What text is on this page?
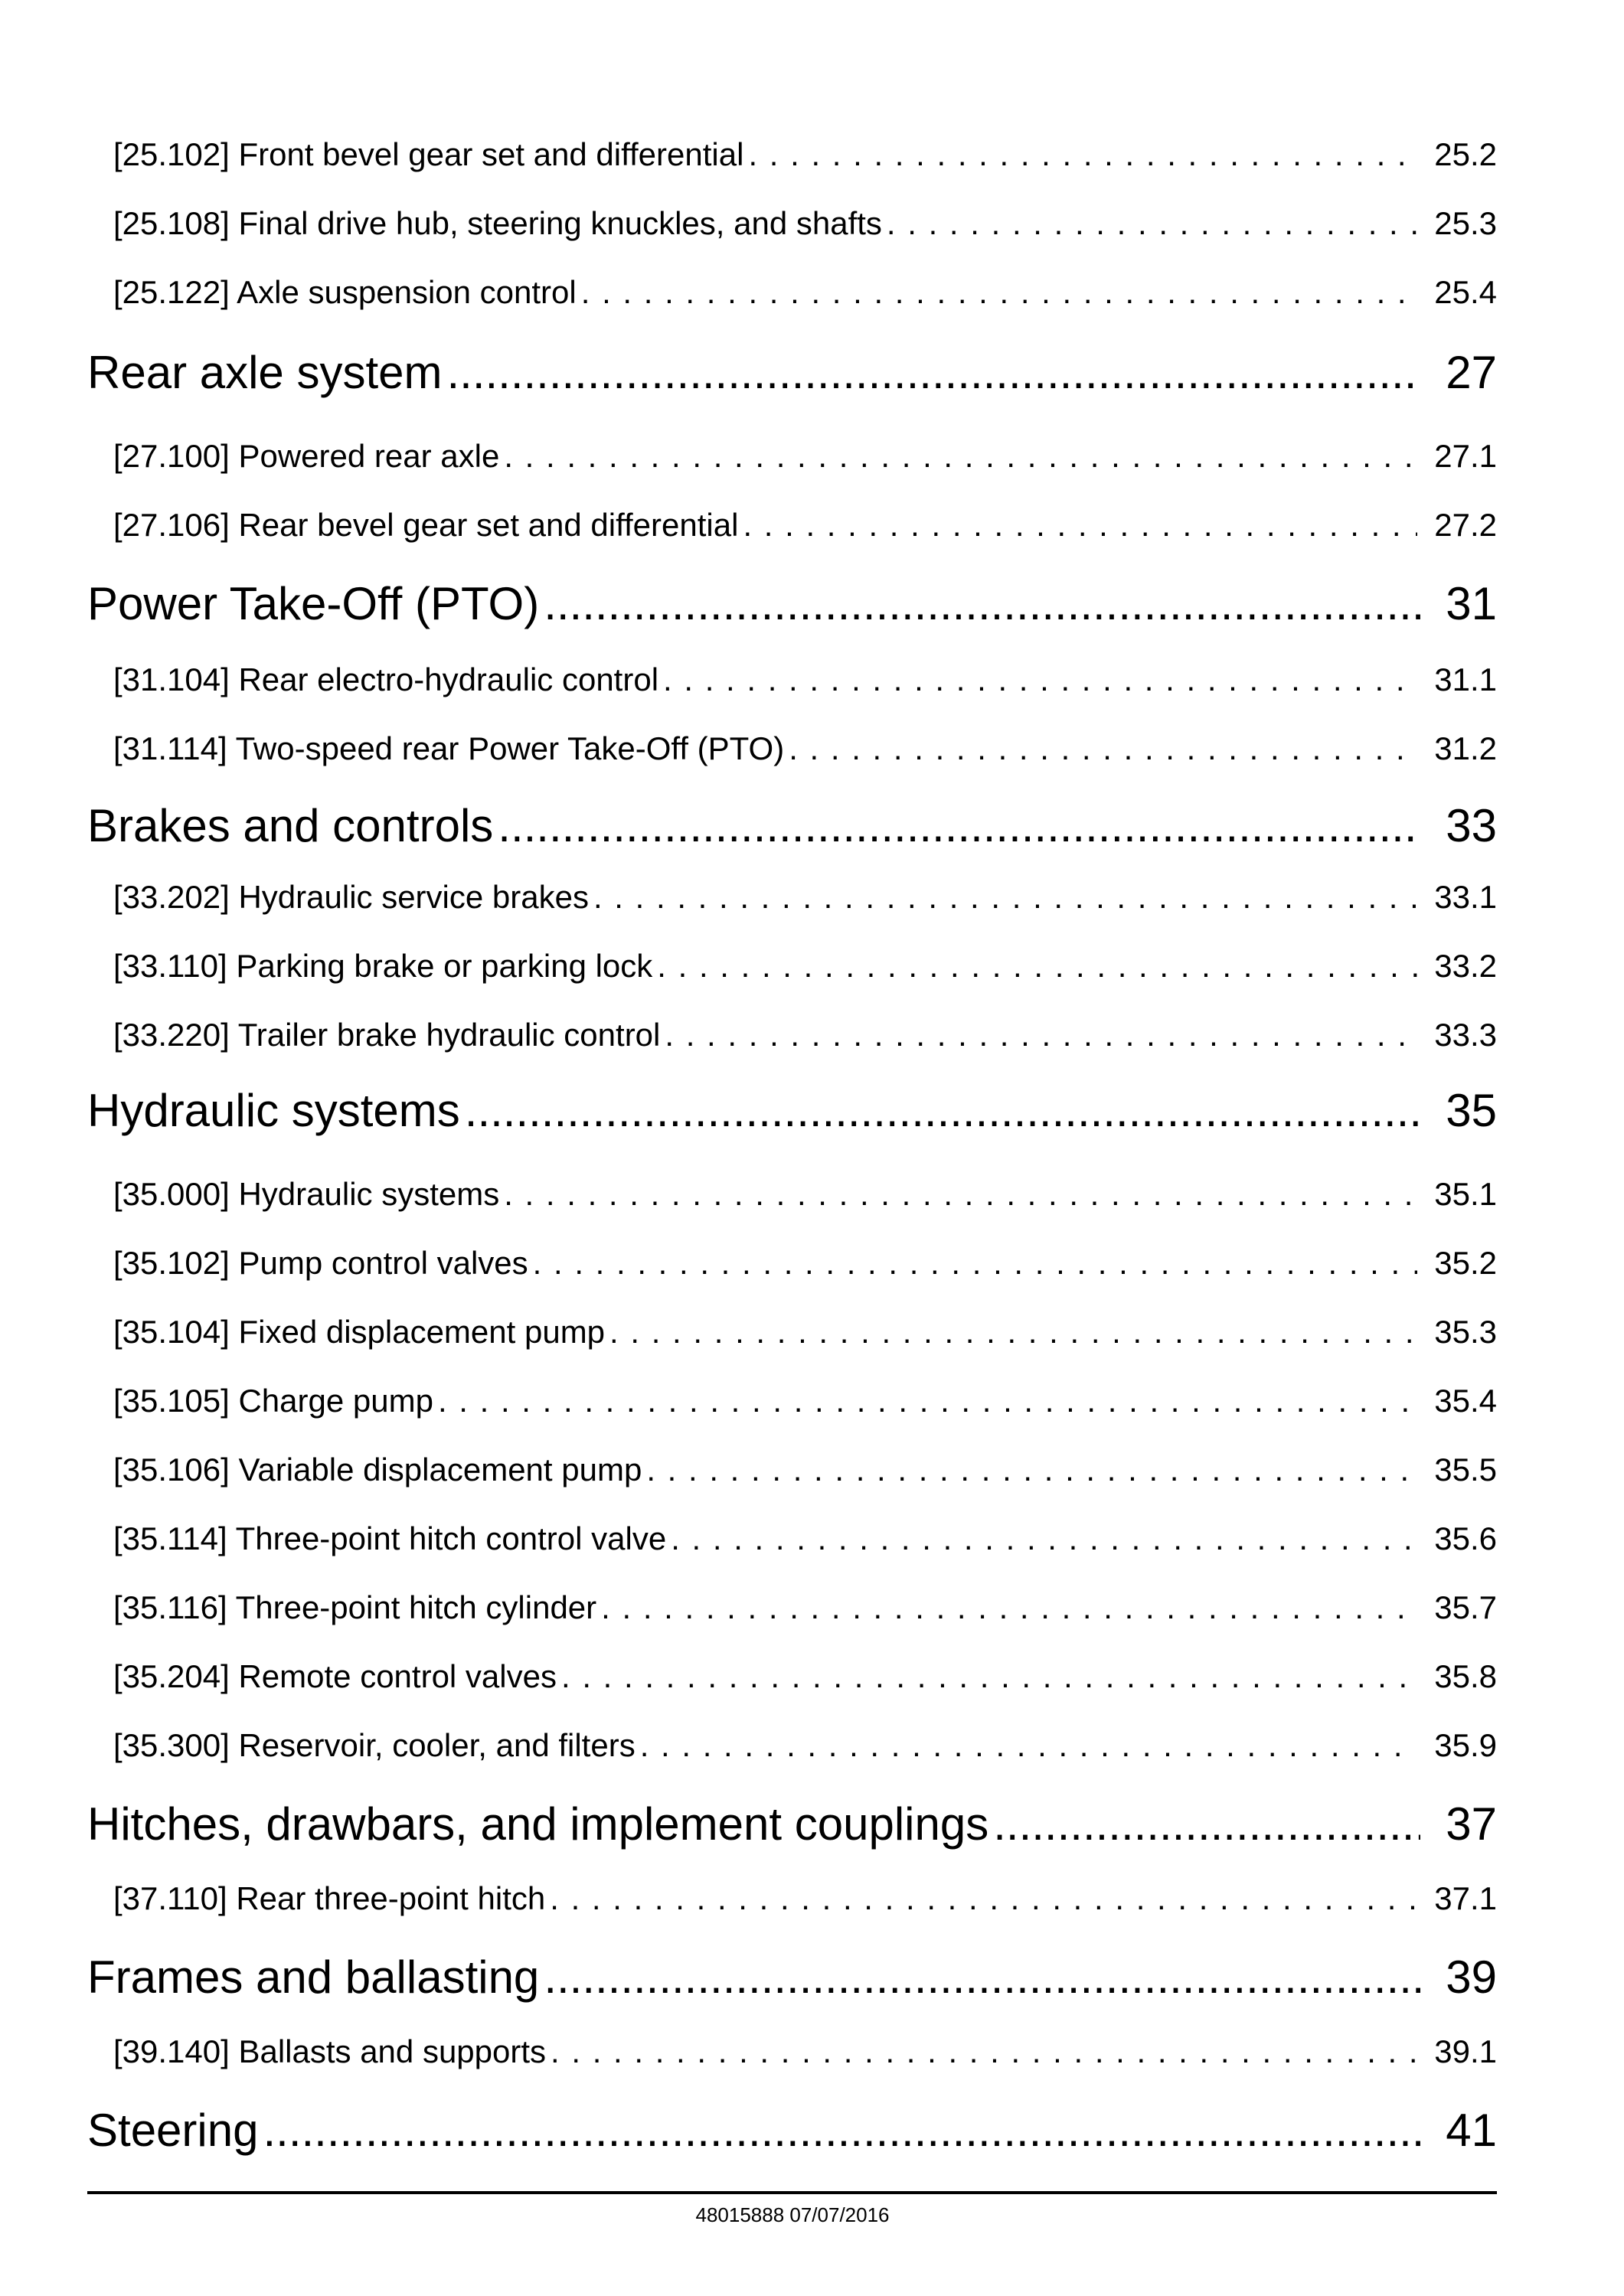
[25.102] Front bevel gear set and differential . . .	25.2
[25.108] Final drive hub, steering knuckles, and shafts . . .	25.3
[25.122] Axle suspension control . . .	25.4
Rear axle system .....	27
[27.100] Powered rear axle . . .	27.1
[27.106] Rear bevel gear set and differential . . .	27.2
Power Take-Off (PTO) .....	31
[31.104] Rear electro-hydraulic control . . .	31.1
[31.114] Two-speed rear Power Take-Off (PTO) . . .	31.2
Brakes and controls .....	33
[33.202] Hydraulic service brakes . . .	33.1
[33.110] Parking brake or parking lock . . .	33.2
[33.220] Trailer brake hydraulic control . . .	33.3
Hydraulic systems .....	35
[35.000] Hydraulic systems . . .	35.1
[35.102] Pump control valves . . .	35.2
[35.104] Fixed displacement pump . . .	35.3
[35.105] Charge pump . . .	35.4
[35.106] Variable displacement pump . . .	35.5
[35.114] Three-point hitch control valve . . .	35.6
[35.116] Three-point hitch cylinder . . .	35.7
[35.204] Remote control valves . . .	35.8
[35.300] Reservoir, cooler, and filters . . .	35.9
Hitches, drawbars, and implement couplings .....	37
[37.110] Rear three-point hitch . . .	37.1
Frames and ballasting .....	39
[39.140] Ballasts and supports . . .	39.1
Steering .....	41
48015888 07/07/2016
